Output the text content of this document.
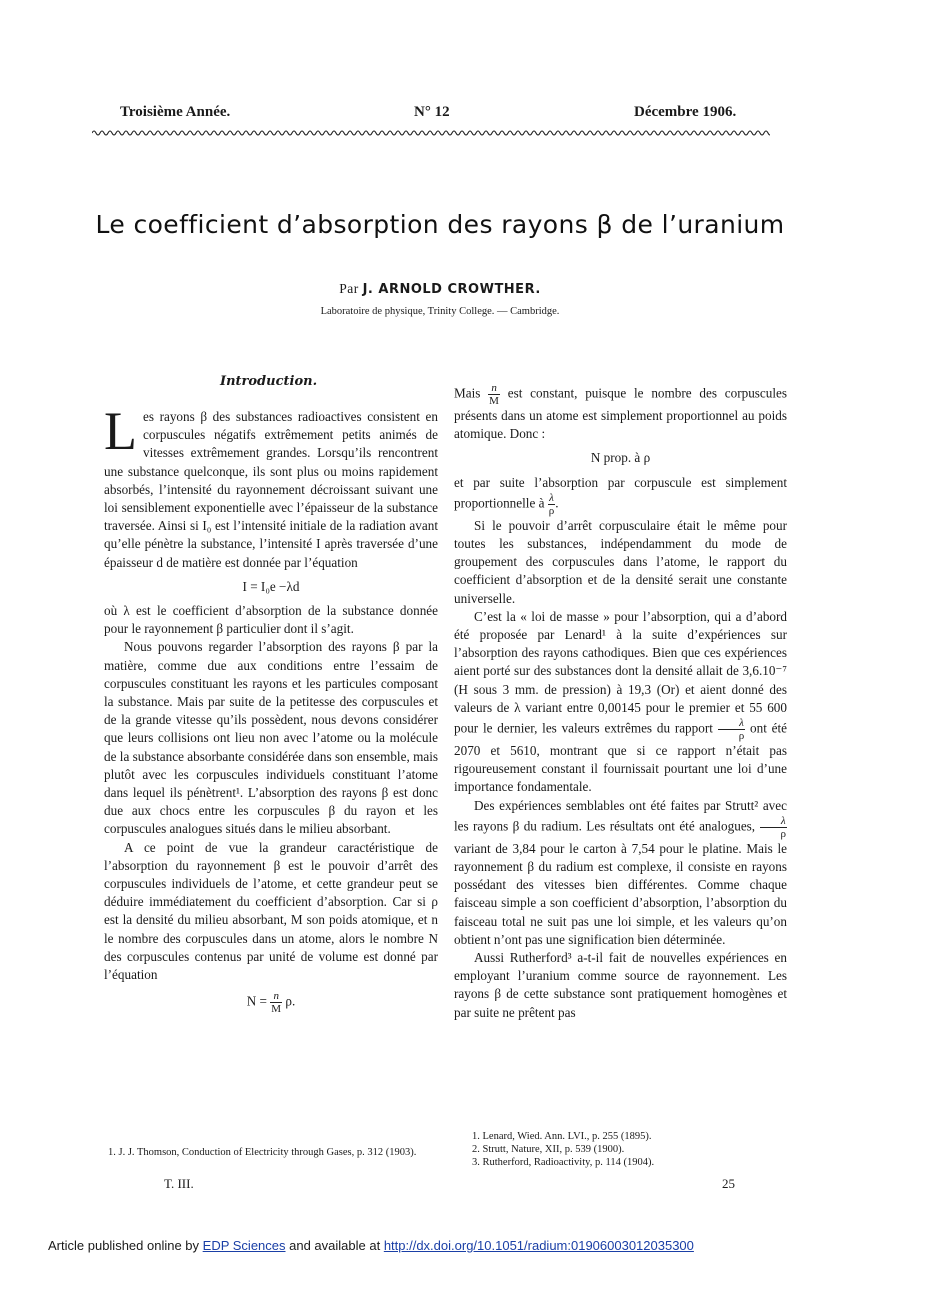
Troisième Année.	N° 12	Décembre 1906.
Le coefficient d’absorption des rayons β de l’uranium
Par J. ARNOLD CROWTHER.
Laboratoire de physique, Trinity College. — Cambridge.
Introduction.

Les rayons β des substances radioactives consistent en corpuscules négatifs extrêmement petits animés de vitesses extrêmement grandes. Lorsqu’ils rencontrent une substance quelconque, ils sont plus ou moins rapidement absorbés, l’intensité du rayonnement décroissant suivant une loi sensiblement exponentielle avec l’épaisseur de la substance traversée. Ainsi si I₀ est l’intensité initiale de la radiation avant qu’elle pénètre la substance, l’intensité I après traversée d’une épaisseur d de matière est donnée par l’équation

I = I₀e −λd

où λ est le coefficient d’absorption de la substance donnée pour le rayonnement β particulier dont il s’agit.

Nous pouvons regarder l’absorption des rayons β par la matière, comme due aux conditions entre l’essaim de corpuscules constituant les rayons et les particules composant la substance. Mais par suite de la petitesse des corpuscules et de la grande vitesse qu’ils possèdent, nous devons considérer que leurs collisions ont lieu non avec l’atome ou la molécule de la substance absorbante considérée dans son ensemble, mais plutôt avec les corpuscules individuels constituant l’atome dans lequel ils pénètrent¹. L’absorption des rayons β est donc due aux chocs entre les corpuscules β du rayon et les corpuscules analogues situés dans le milieu absorbant.

A ce point de vue la grandeur caractéristique de l’absorption du rayonnement β est le pouvoir d’arrêt des corpuscules individuels de l’atome, et cette grandeur peut se déduire immédiatement du coefficient d’absorption. Car si ρ est la densité du milieu absorbant, M son poids atomique, et n le nombre des corpuscules dans un atome, alors le nombre N des corpuscules contenus par unité de volume est donné par l’équation

$N = \frac{n}{M} \rho$.
1. J. J. Thomson, Conduction of Electricity through Gases, p. 312 (1903).
T. III.

Mais $\frac{n}{M}$ est constant, puisque le nombre des corpuscules présents dans un atome est simplement proportionnel au poids atomique. Donc :

N prop. à ρ

et par suite l’absorption par corpuscule est simplement proportionnelle à $\frac{\lambda}{\rho}$ .

Si le pouvoir d’arrêt corpusculaire était le même pour toutes les substances, indépendamment du mode de groupement des corpuscules dans l’atome, le rapport du coefficient d’absorption et de la densité serait une constante universelle.

C’est la « loi de masse » pour l’absorption, qui a d’abord été proposée par Lenard¹ à la suite d’expériences sur l’absorption des rayons cathodiques. Bien que ces expériences aient porté sur des substances dont la densité allait de 3,6.10⁻⁷ (H sous 3 mm. de pression) à 19,3 (Or) et aient donné des valeurs de λ variant entre 0,00145 pour le premier et 55 600 pour le dernier, les valeurs extrêmes du rapport $\frac{\lambda}{\rho}$ ont été 2070 et 5610, montrant que si ce rapport n’était pas rigoureusement constant il fournissait pourtant une loi d’une importance fondamentale.

Des expériences semblables ont été faites par Strutt² avec les rayons β du radium. Les résultats ont été analogues, $\frac{\lambda}{\rho}$
variant de 3,84 pour le carton à 7,54 pour le platine. Mais le rayonnement β du radium est complexe, il consiste en rayons possédant des vitesses bien différentes. Comme chaque faisceau simple a son coefficient d’absorption, l’absorption du faisceau total ne suit pas une loi simple, et les valeurs qu’on obtient n’ont pas une signification bien déterminée.

Aussi Rutherford³ a-t-il fait de nouvelles expériences en employant l’uranium comme source de rayonnement. Les rayons β de cette substance sont pratiquement homogènes et par suite ne prêtent pas

1. Lenard, Wied. Ann. LVI., p. 255 (1895).
2. Strutt, Nature, XII, p. 539 (1900).
3. Rutherford, Radioactivity, p. 114 (1904).
25
Article published online by EDP Sciences and available at http://dx.doi.org/10.1051/radium:01906003012035300
